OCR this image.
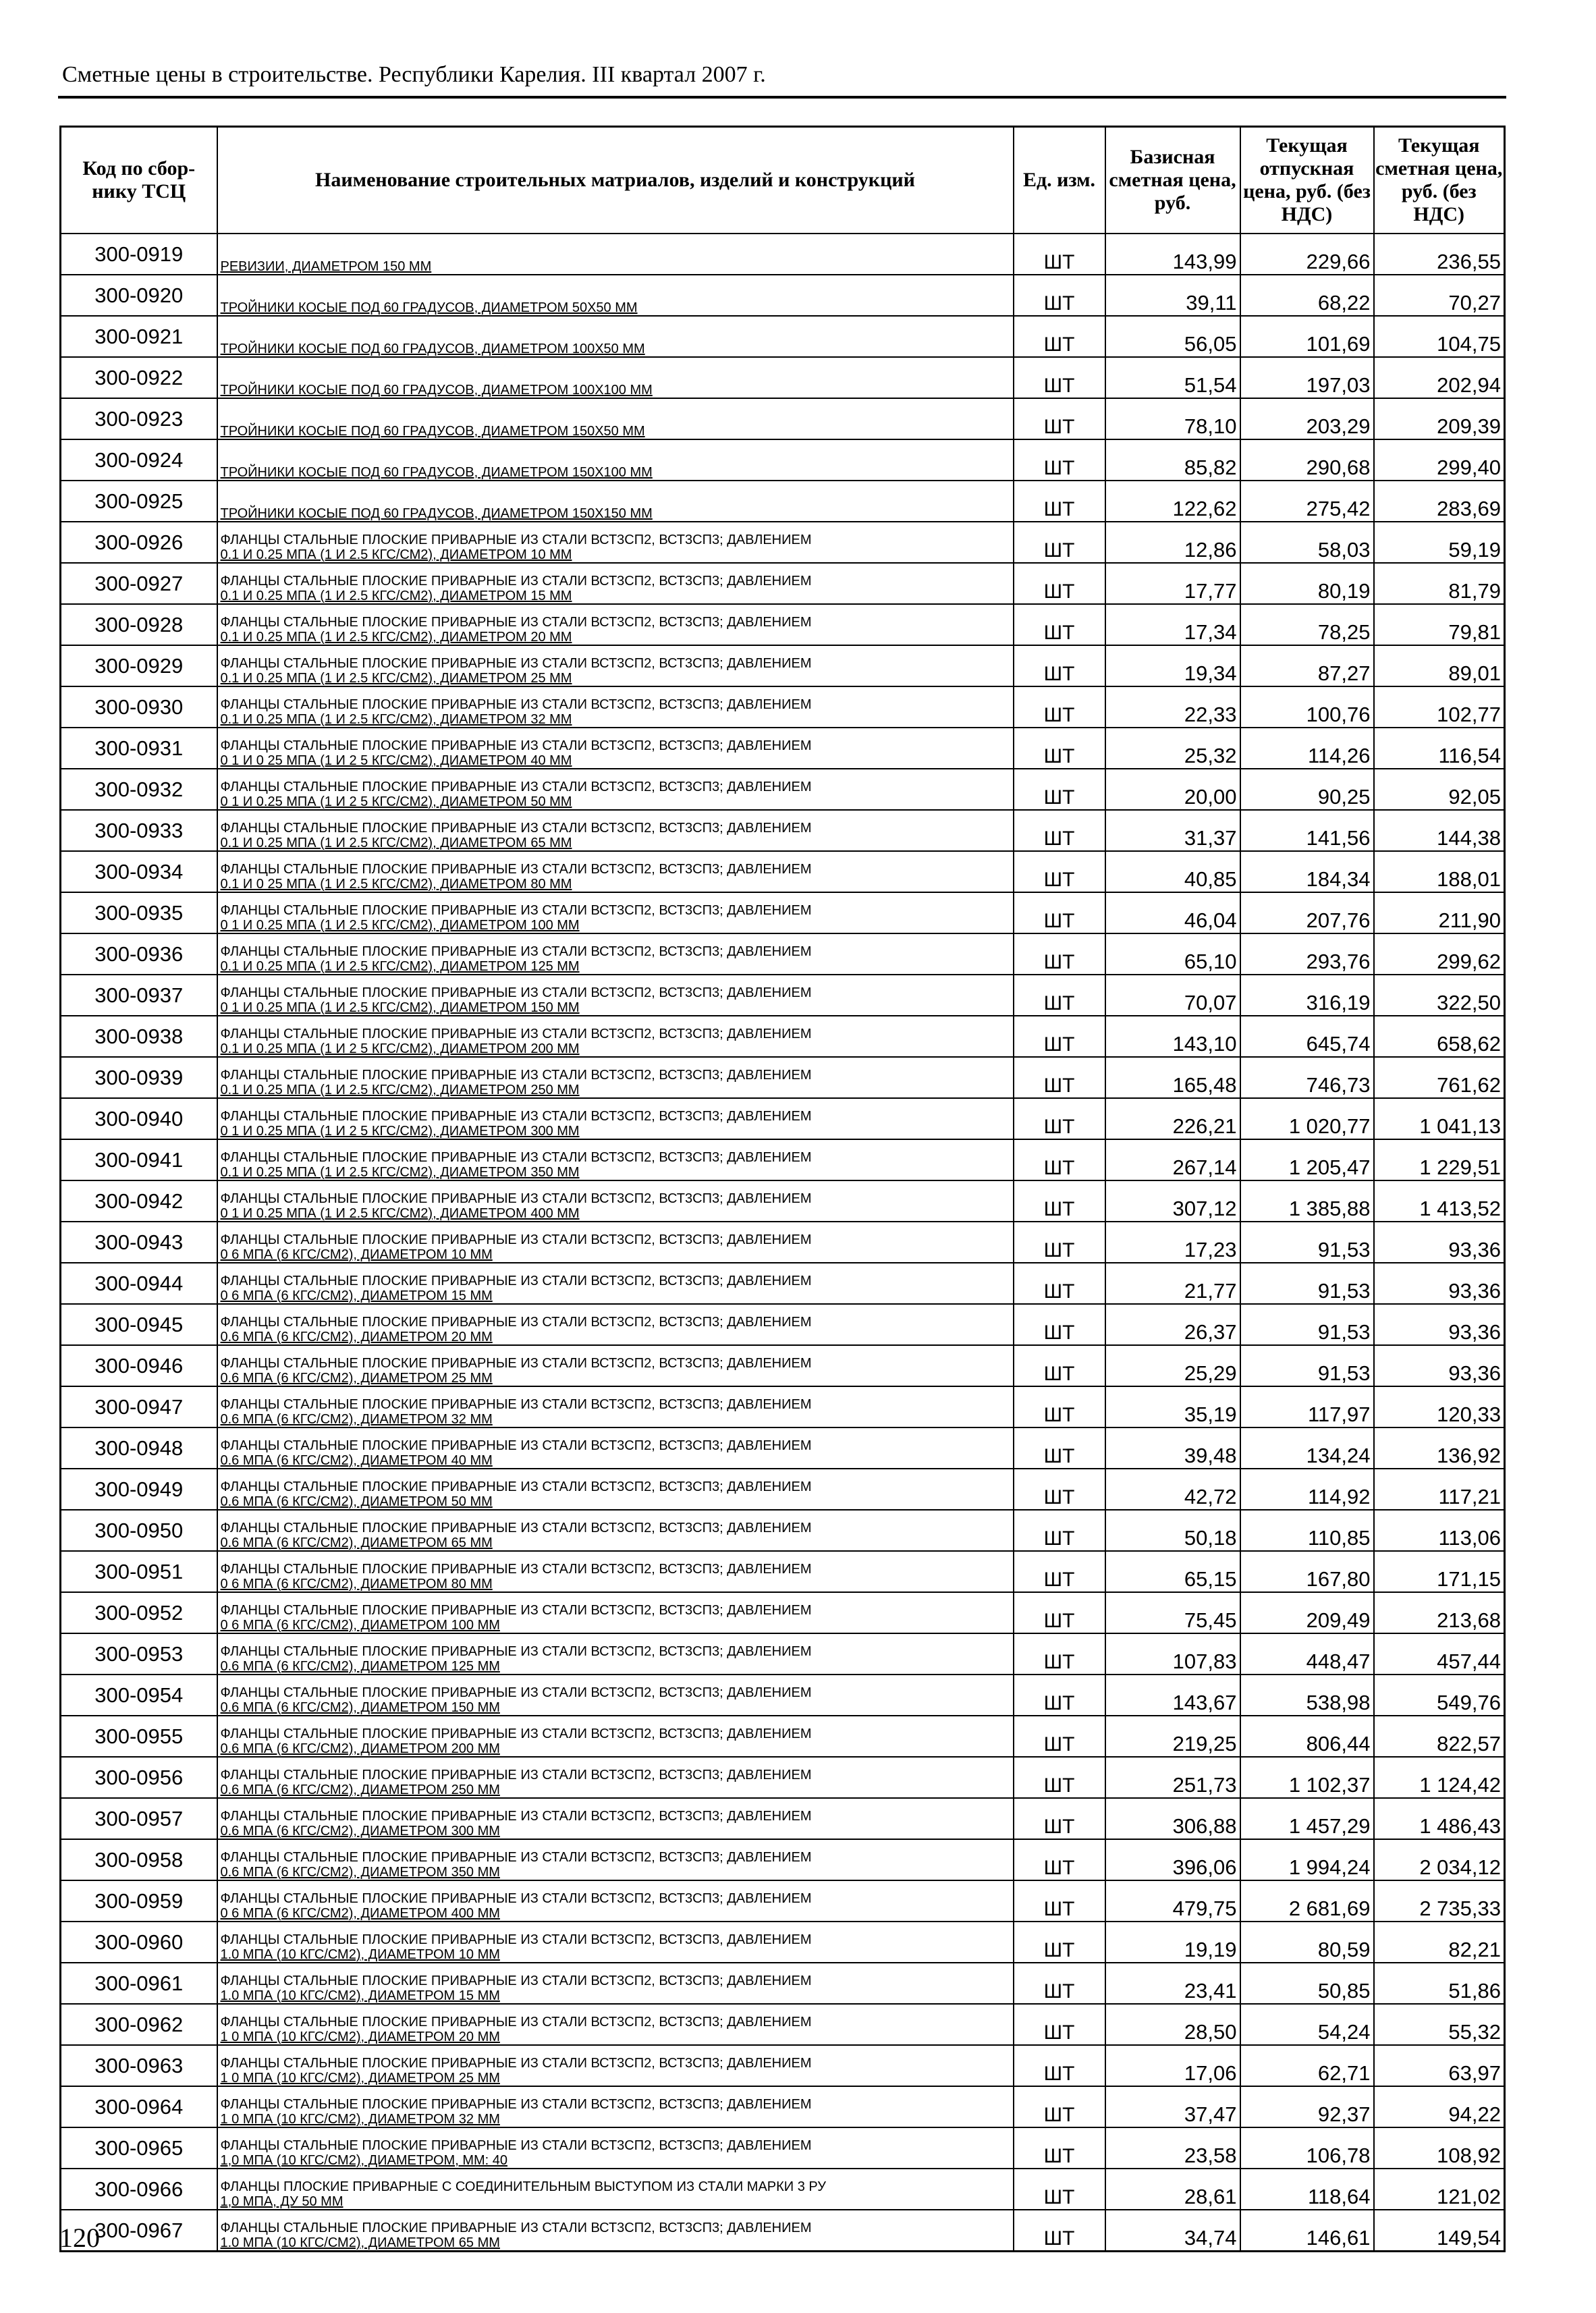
Сметные цены в строительстве. Республики Карелия. III квартал 2007 г.
Код по сбор-нику ТСЦ	Наименование строительных матриалов, изделий и конструкций	Ед. изм.	Базисная сметная цена, руб.	Текущая отпускная цена, руб. (без НДС)	Текущая сметная цена, руб. (без НДС)
300-0919	РЕВИЗИИ, ДИАМЕТРОМ 150 ММ	ШТ	143,99	229,66	236,55
300-0920	ТРОЙНИКИ КОСЫЕ ПОД 60 ГРАДУСОВ, ДИАМЕТРОМ 50Х50 ММ	ШТ	39,11	68,22	70,27
300-0921	ТРОЙНИКИ КОСЫЕ ПОД 60 ГРАДУСОВ, ДИАМЕТРОМ 100Х50 ММ	ШТ	56,05	101,69	104,75
300-0922	ТРОЙНИКИ КОСЫЕ ПОД 60 ГРАДУСОВ, ДИАМЕТРОМ 100Х100 ММ	ШТ	51,54	197,03	202,94
300-0923	ТРОЙНИКИ КОСЫЕ ПОД 60 ГРАДУСОВ, ДИАМЕТРОМ 150Х50 ММ	ШТ	78,10	203,29	209,39
300-0924	ТРОЙНИКИ КОСЫЕ ПОД 60 ГРАДУСОВ, ДИАМЕТРОМ 150Х100 ММ	ШТ	85,82	290,68	299,40
300-0925	ТРОЙНИКИ КОСЫЕ ПОД 60 ГРАДУСОВ, ДИАМЕТРОМ 150Х150 ММ	ШТ	122,62	275,42	283,69
300-0926	ФЛАНЦЫ СТАЛЬНЫЕ ПЛОСКИЕ ПРИВАРНЫЕ ИЗ СТАЛИ ВСТ3СП2, ВСТ3СП3; ДАВЛЕНИЕМ
0.1 И 0.25 МПА (1 И 2.5 КГС/СМ2), ДИАМЕТРОМ 10 ММ	ШТ	12,86	58,03	59,19
300-0927	ФЛАНЦЫ СТАЛЬНЫЕ ПЛОСКИЕ ПРИВАРНЫЕ ИЗ СТАЛИ ВСТ3СП2, ВСТ3СП3; ДАВЛЕНИЕМ
0.1 И 0.25 МПА (1 И 2.5 КГС/СМ2), ДИАМЕТРОМ 15 ММ	ШТ	17,77	80,19	81,79
300-0928	ФЛАНЦЫ СТАЛЬНЫЕ ПЛОСКИЕ ПРИВАРНЫЕ ИЗ СТАЛИ ВСТ3СП2, ВСТ3СП3; ДАВЛЕНИЕМ
0.1 И 0.25 МПА (1 И 2.5 КГС/СМ2), ДИАМЕТРОМ 20 ММ	ШТ	17,34	78,25	79,81
300-0929	ФЛАНЦЫ СТАЛЬНЫЕ ПЛОСКИЕ ПРИВАРНЫЕ ИЗ СТАЛИ ВСТ3СП2, ВСТ3СП3; ДАВЛЕНИЕМ
0.1 И 0.25 МПА (1 И 2.5 КГС/СМ2), ДИАМЕТРОМ 25 ММ	ШТ	19,34	87,27	89,01
300-0930	ФЛАНЦЫ СТАЛЬНЫЕ ПЛОСКИЕ ПРИВАРНЫЕ ИЗ СТАЛИ ВСТ3СП2, ВСТ3СП3; ДАВЛЕНИЕМ
0.1 И 0.25 МПА (1 И 2.5 КГС/СМ2), ДИАМЕТРОМ 32 ММ	ШТ	22,33	100,76	102,77
300-0931	ФЛАНЦЫ СТАЛЬНЫЕ ПЛОСКИЕ ПРИВАРНЫЕ ИЗ СТАЛИ ВСТ3СП2, ВСТ3СП3; ДАВЛЕНИЕМ
0 1 И 0 25 МПА (1 И 2 5 КГС/СМ2), ДИАМЕТРОМ 40 ММ	ШТ	25,32	114,26	116,54
300-0932	ФЛАНЦЫ СТАЛЬНЫЕ ПЛОСКИЕ ПРИВАРНЫЕ ИЗ СТАЛИ ВСТ3СП2, ВСТ3СП3; ДАВЛЕНИЕМ
0 1 И 0.25 МПА (1 И 2 5 КГС/СМ2), ДИАМЕТРОМ 50 ММ	ШТ	20,00	90,25	92,05
300-0933	ФЛАНЦЫ СТАЛЬНЫЕ ПЛОСКИЕ ПРИВАРНЫЕ ИЗ СТАЛИ ВСТ3СП2, ВСТ3СП3; ДАВЛЕНИЕМ
0.1 И 0.25 МПА (1 И 2.5 КГС/СМ2), ДИАМЕТРОМ 65 ММ	ШТ	31,37	141,56	144,38
300-0934	ФЛАНЦЫ СТАЛЬНЫЕ ПЛОСКИЕ ПРИВАРНЫЕ ИЗ СТАЛИ ВСТ3СП2, ВСТ3СП3; ДАВЛЕНИЕМ
0.1 И 0 25 МПА (1 И 2.5 КГС/СМ2), ДИАМЕТРОМ 80 ММ	ШТ	40,85	184,34	188,01
300-0935	ФЛАНЦЫ СТАЛЬНЫЕ ПЛОСКИЕ ПРИВАРНЫЕ ИЗ СТАЛИ ВСТ3СП2, ВСТ3СП3; ДАВЛЕНИЕМ
0 1 И 0.25 МПА (1 И 2.5 КГС/СМ2), ДИАМЕТРОМ 100 ММ	ШТ	46,04	207,76	211,90
300-0936	ФЛАНЦЫ СТАЛЬНЫЕ ПЛОСКИЕ ПРИВАРНЫЕ ИЗ СТАЛИ ВСТ3СП2, ВСТ3СП3; ДАВЛЕНИЕМ
0.1 И 0.25 МПА (1 И 2.5 КГС/СМ2), ДИАМЕТРОМ 125 ММ	ШТ	65,10	293,76	299,62
300-0937	ФЛАНЦЫ СТАЛЬНЫЕ ПЛОСКИЕ ПРИВАРНЫЕ ИЗ СТАЛИ ВСТ3СП2, ВСТ3СП3; ДАВЛЕНИЕМ
0 1 И 0.25 МПА (1 И 2.5 КГС/СМ2), ДИАМЕТРОМ 150 ММ	ШТ	70,07	316,19	322,50
300-0938	ФЛАНЦЫ СТАЛЬНЫЕ ПЛОСКИЕ ПРИВАРНЫЕ ИЗ СТАЛИ ВСТ3СП2, ВСТ3СП3; ДАВЛЕНИЕМ
0.1 И 0.25 МПА (1 И 2 5 КГС/СМ2), ДИАМЕТРОМ 200 ММ	ШТ	143,10	645,74	658,62
300-0939	ФЛАНЦЫ СТАЛЬНЫЕ ПЛОСКИЕ ПРИВАРНЫЕ ИЗ СТАЛИ ВСТ3СП2, ВСТ3СП3; ДАВЛЕНИЕМ
0.1 И 0.25 МПА (1 И 2.5 КГС/СМ2), ДИАМЕТРОМ 250 ММ	ШТ	165,48	746,73	761,62
300-0940	ФЛАНЦЫ СТАЛЬНЫЕ ПЛОСКИЕ ПРИВАРНЫЕ ИЗ СТАЛИ ВСТ3СП2, ВСТ3СП3; ДАВЛЕНИЕМ
0 1 И 0.25 МПА (1 И 2 5 КГС/СМ2), ДИАМЕТРОМ 300 ММ	ШТ	226,21	1 020,77	1 041,13
300-0941	ФЛАНЦЫ СТАЛЬНЫЕ ПЛОСКИЕ ПРИВАРНЫЕ ИЗ СТАЛИ ВСТ3СП2, ВСТ3СП3; ДАВЛЕНИЕМ
0.1 И 0.25 МПА (1 И 2.5 КГС/СМ2), ДИАМЕТРОМ 350 ММ	ШТ	267,14	1 205,47	1 229,51
300-0942	ФЛАНЦЫ СТАЛЬНЫЕ ПЛОСКИЕ ПРИВАРНЫЕ ИЗ СТАЛИ ВСТ3СП2, ВСТ3СП3; ДАВЛЕНИЕМ
0 1 И 0.25 МПА (1 И 2.5 КГС/СМ2), ДИАМЕТРОМ 400 ММ	ШТ	307,12	1 385,88	1 413,52
300-0943	ФЛАНЦЫ СТАЛЬНЫЕ ПЛОСКИЕ ПРИВАРНЫЕ ИЗ СТАЛИ ВСТ3СП2, ВСТ3СП3; ДАВЛЕНИЕМ
0 6 МПА (6 КГС/СМ2), ДИАМЕТРОМ 10 ММ	ШТ	17,23	91,53	93,36
300-0944	ФЛАНЦЫ СТАЛЬНЫЕ ПЛОСКИЕ ПРИВАРНЫЕ ИЗ СТАЛИ ВСТ3СП2, ВСТ3СП3; ДАВЛЕНИЕМ
0 6 МПА (6 КГС/СМ2), ДИАМЕТРОМ 15 ММ	ШТ	21,77	91,53	93,36
300-0945	ФЛАНЦЫ СТАЛЬНЫЕ ПЛОСКИЕ ПРИВАРНЫЕ ИЗ СТАЛИ ВСТ3СП2, ВСТ3СП3; ДАВЛЕНИЕМ
0.6 МПА (6 КГС/СМ2), ДИАМЕТРОМ 20 ММ	ШТ	26,37	91,53	93,36
300-0946	ФЛАНЦЫ СТАЛЬНЫЕ ПЛОСКИЕ ПРИВАРНЫЕ ИЗ СТАЛИ ВСТ3СП2, ВСТ3СП3; ДАВЛЕНИЕМ
0.6 МПА (6 КГС/СМ2), ДИАМЕТРОМ 25 ММ	ШТ	25,29	91,53	93,36
300-0947	ФЛАНЦЫ СТАЛЬНЫЕ ПЛОСКИЕ ПРИВАРНЫЕ ИЗ СТАЛИ ВСТ3СП2, ВСТ3СП3; ДАВЛЕНИЕМ
0.6 МПА (6 КГС/СМ2), ДИАМЕТРОМ 32 ММ	ШТ	35,19	117,97	120,33
300-0948	ФЛАНЦЫ СТАЛЬНЫЕ ПЛОСКИЕ ПРИВАРНЫЕ ИЗ СТАЛИ ВСТ3СП2, ВСТ3СП3; ДАВЛЕНИЕМ
0.6 МПА (6 КГС/СМ2), ДИАМЕТРОМ 40 ММ	ШТ	39,48	134,24	136,92
300-0949	ФЛАНЦЫ СТАЛЬНЫЕ ПЛОСКИЕ ПРИВАРНЫЕ ИЗ СТАЛИ ВСТ3СП2, ВСТ3СП3; ДАВЛЕНИЕМ
0.6 МПА (6 КГС/СМ2), ДИАМЕТРОМ 50 ММ	ШТ	42,72	114,92	117,21
300-0950	ФЛАНЦЫ СТАЛЬНЫЕ ПЛОСКИЕ ПРИВАРНЫЕ ИЗ СТАЛИ ВСТ3СП2, ВСТ3СП3; ДАВЛЕНИЕМ
0.6 МПА (6 КГС/СМ2), ДИАМЕТРОМ 65 ММ	ШТ	50,18	110,85	113,06
300-0951	ФЛАНЦЫ СТАЛЬНЫЕ ПЛОСКИЕ ПРИВАРНЫЕ ИЗ СТАЛИ ВСТ3СП2, ВСТ3СП3; ДАВЛЕНИЕМ
0 6 МПА (6 КГС/СМ2), ДИАМЕТРОМ 80 ММ	ШТ	65,15	167,80	171,15
300-0952	ФЛАНЦЫ СТАЛЬНЫЕ ПЛОСКИЕ ПРИВАРНЫЕ ИЗ СТАЛИ ВСТ3СП2, ВСТ3СП3; ДАВЛЕНИЕМ
0 6 МПА (6 КГС/СМ2), ДИАМЕТРОМ 100 ММ	ШТ	75,45	209,49	213,68
300-0953	ФЛАНЦЫ СТАЛЬНЫЕ ПЛОСКИЕ ПРИВАРНЫЕ ИЗ СТАЛИ ВСТ3СП2, ВСТ3СП3; ДАВЛЕНИЕМ
0.6 МПА (6 КГС/СМ2), ДИАМЕТРОМ 125 ММ	ШТ	107,83	448,47	457,44
300-0954	ФЛАНЦЫ СТАЛЬНЫЕ ПЛОСКИЕ ПРИВАРНЫЕ ИЗ СТАЛИ ВСТ3СП2, ВСТ3СП3; ДАВЛЕНИЕМ
0.6 МПА (6 КГС/СМ2), ДИАМЕТРОМ 150 ММ	ШТ	143,67	538,98	549,76
300-0955	ФЛАНЦЫ СТАЛЬНЫЕ ПЛОСКИЕ ПРИВАРНЫЕ ИЗ СТАЛИ ВСТ3СП2, ВСТ3СП3; ДАВЛЕНИЕМ
0.6 МПА (6 КГС/СМ2), ДИАМЕТРОМ 200 ММ	ШТ	219,25	806,44	822,57
300-0956	ФЛАНЦЫ СТАЛЬНЫЕ ПЛОСКИЕ ПРИВАРНЫЕ ИЗ СТАЛИ ВСТ3СП2, ВСТ3СП3; ДАВЛЕНИЕМ
0.6 МПА (6 КГС/СМ2), ДИАМЕТРОМ 250 ММ	ШТ	251,73	1 102,37	1 124,42
300-0957	ФЛАНЦЫ СТАЛЬНЫЕ ПЛОСКИЕ ПРИВАРНЫЕ ИЗ СТАЛИ ВСТ3СП2, ВСТ3СП3; ДАВЛЕНИЕМ
0.6 МПА (6 КГС/СМ2), ДИАМЕТРОМ 300 ММ	ШТ	306,88	1 457,29	1 486,43
300-0958	ФЛАНЦЫ СТАЛЬНЫЕ ПЛОСКИЕ ПРИВАРНЫЕ ИЗ СТАЛИ ВСТ3СП2, ВСТ3СП3; ДАВЛЕНИЕМ
0.6 МПА (6 КГС/СМ2), ДИАМЕТРОМ 350 ММ	ШТ	396,06	1 994,24	2 034,12
300-0959	ФЛАНЦЫ СТАЛЬНЫЕ ПЛОСКИЕ ПРИВАРНЫЕ ИЗ СТАЛИ ВСТ3СП2, ВСТ3СП3; ДАВЛЕНИЕМ
0 6 МПА (6 КГС/СМ2), ДИАМЕТРОМ 400 ММ	ШТ	479,75	2 681,69	2 735,33
300-0960	ФЛАНЦЫ СТАЛЬНЫЕ ПЛОСКИЕ ПРИВАРНЫЕ ИЗ СТАЛИ ВСТ3СП2, ВСТ3СП3, ДАВЛЕНИЕМ
1.0 МПА (10 КГС/СМ2), ДИАМЕТРОМ 10 ММ	ШТ	19,19	80,59	82,21
300-0961	ФЛАНЦЫ СТАЛЬНЫЕ ПЛОСКИЕ ПРИВАРНЫЕ ИЗ СТАЛИ ВСТ3СП2, ВСТ3СП3; ДАВЛЕНИЕМ
1.0 МПА (10 КГС/СМ2), ДИАМЕТРОМ 15 ММ	ШТ	23,41	50,85	51,86
300-0962	ФЛАНЦЫ СТАЛЬНЫЕ ПЛОСКИЕ ПРИВАРНЫЕ ИЗ СТАЛИ ВСТ3СП2, ВСТ3СП3; ДАВЛЕНИЕМ
1 0 МПА (10 КГС/СМ2), ДИАМЕТРОМ 20 ММ	ШТ	28,50	54,24	55,32
300-0963	ФЛАНЦЫ СТАЛЬНЫЕ ПЛОСКИЕ ПРИВАРНЫЕ ИЗ СТАЛИ ВСТ3СП2, ВСТ3СП3; ДАВЛЕНИЕМ
1 0 МПА (10 КГС/СМ2), ДИАМЕТРОМ 25 ММ	ШТ	17,06	62,71	63,97
300-0964	ФЛАНЦЫ СТАЛЬНЫЕ ПЛОСКИЕ ПРИВАРНЫЕ ИЗ СТАЛИ ВСТ3СП2, ВСТ3СП3; ДАВЛЕНИЕМ
1 0 МПА (10 КГС/СМ2), ДИАМЕТРОМ 32 ММ	ШТ	37,47	92,37	94,22
300-0965	ФЛАНЦЫ СТАЛЬНЫЕ ПЛОСКИЕ ПРИВАРНЫЕ ИЗ СТАЛИ ВСТ3СП2, ВСТ3СП3; ДАВЛЕНИЕМ
1,0 МПА (10 КГС/СМ2), ДИАМЕТРОМ, ММ: 40	ШТ	23,58	106,78	108,92
300-0966	ФЛАНЦЫ ПЛОСКИЕ ПРИВАРНЫЕ С СОЕДИНИТЕЛЬНЫМ ВЫСТУПОМ ИЗ СТАЛИ МАРКИ 3 РУ
1,0 МПА, ДУ 50 ММ	ШТ	28,61	118,64	121,02
300-0967	ФЛАНЦЫ СТАЛЬНЫЕ ПЛОСКИЕ ПРИВАРНЫЕ ИЗ СТАЛИ ВСТ3СП2, ВСТ3СП3; ДАВЛЕНИЕМ
1.0 МПА (10 КГС/СМ2), ДИАМЕТРОМ 65 ММ	ШТ	34,74	146,61	149,54
120
